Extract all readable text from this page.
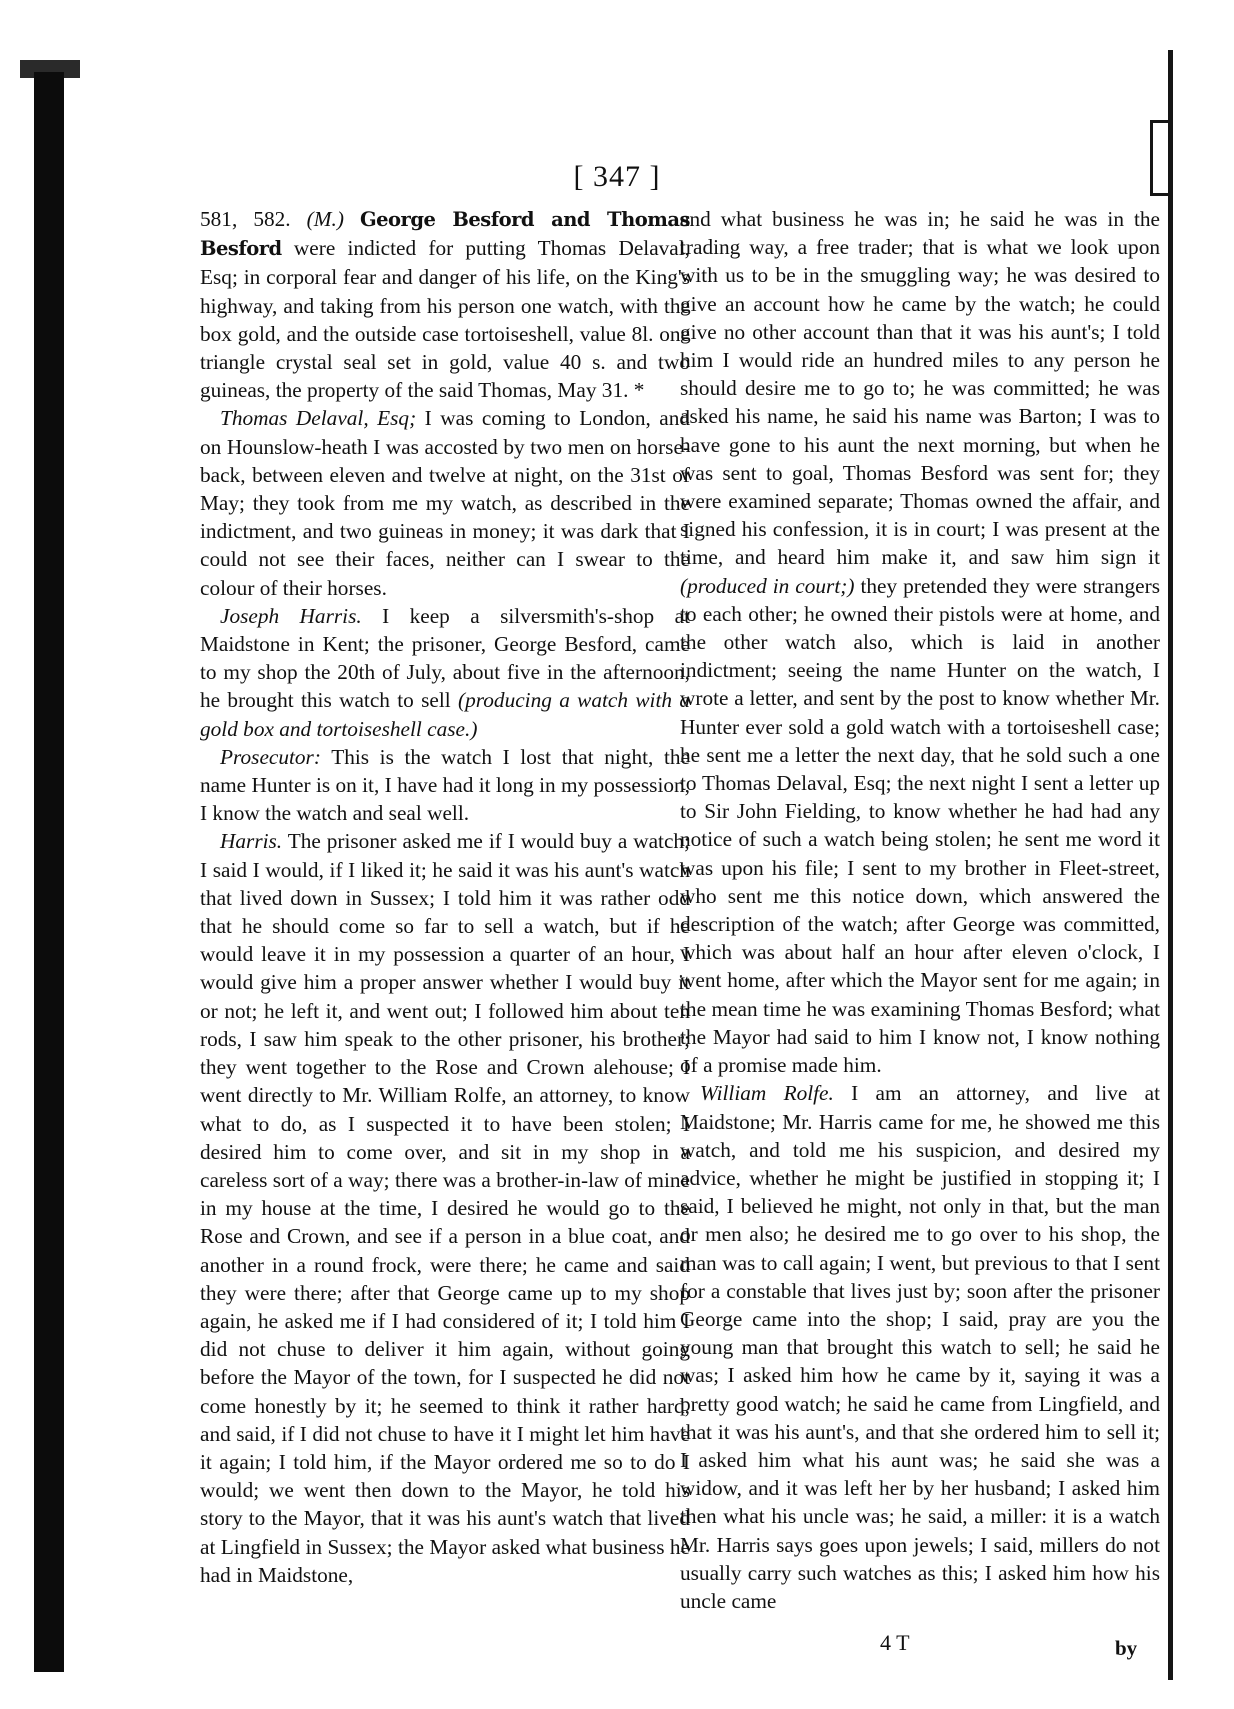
[ 347 ]

581, 582. (M.) George Besford and Thomas Besford were indicted for putting Thomas Delaval, Esq; in corporal fear and danger of his life, on the King's highway, and taking from his person one watch, with the box gold, and the outside case tortoiseshell, value 8l. one triangle crystal seal set in gold, value 40 s. and two guineas, the property of the said Thomas, May 31. *

Thomas Delaval, Esq; I was coming to London, and on Hounslow-heath I was accosted by two men on horse-back, between eleven and twelve at night, on the 31st of May; they took from me my watch, as described in the indictment, and two guineas in money; it was dark that I could not see their faces, neither can I swear to the colour of their horses.

Joseph Harris. I keep a silversmith's-shop at Maidstone in Kent; the prisoner, George Besford, came to my shop the 20th of July, about five in the afternoon, he brought this watch to sell (producing a watch with a gold box and tortoiseshell case.)

Prosecutor: This is the watch I lost that night, the name Hunter is on it, I have had it long in my possession, I know the watch and seal well.

Harris. The prisoner asked me if I would buy a watch; I said I would, if I liked it; he said it was his aunt's watch that lived down in Sussex; I told him it was rather odd that he should come so far to sell a watch, but if he would leave it in my possession a quarter of an hour, I would give him a proper answer whether I would buy it or not; he left it, and went out; I followed him about ten rods, I saw him speak to the other prisoner, his brother; they went together to the Rose and Crown alehouse; I went directly to Mr. William Rolfe, an attorney, to know what to do, as I suspected it to have been stolen; I desired him to come over, and sit in my shop in a careless sort of a way; there was a brother-in-law of mine in my house at the time, I desired he would go to the Rose and Crown, and see if a person in a blue coat, and another in a round frock, were there; he came and said they were there; after that George came up to my shop again, he asked me if I had considered of it; I told him I did not chuse to deliver it him again, without going before the Mayor of the town, for I suspected he did not come honestly by it; he seemed to think it rather hard, and said, if I did not chuse to have it I might let him have it again; I told him, if the Mayor ordered me so to do I would; we went then down to the Mayor, he told his story to the Mayor, that it was his aunt's watch that lived at Lingfield in Sussex; the Mayor asked what business he had in Maidstone,

and what business he was in; he said he was in the trading way, a free trader; that is what we look upon with us to be in the smuggling way; he was desired to give an account how he came by the watch; he could give no other account than that it was his aunt's; I told him I would ride an hundred miles to any person he should desire me to go to; he was committed; he was asked his name, he said his name was Barton; I was to have gone to his aunt the next morning, but when he was sent to goal, Thomas Besford was sent for; they were examined separate; Thomas owned the affair, and signed his confession, it is in court; I was present at the time, and heard him make it, and saw him sign it (produced in court;) they pretended they were strangers to each other; he owned their pistols were at home, and the other watch also, which is laid in another indictment; seeing the name Hunter on the watch, I wrote a letter, and sent by the post to know whether Mr. Hunter ever sold a gold watch with a tortoiseshell case; he sent me a letter the next day, that he sold such a one to Thomas Delaval, Esq; the next night I sent a letter up to Sir John Fielding, to know whether he had had any notice of such a watch being stolen; he sent me word it was upon his file; I sent to my brother in Fleet-street, who sent me this notice down, which answered the description of the watch; after George was committed, which was about half an hour after eleven o'clock, I went home, after which the Mayor sent for me again; in the mean time he was examining Thomas Besford; what the Mayor had said to him I know not, I know nothing of a promise made him.

William Rolfe. I am an attorney, and live at Maidstone; Mr. Harris came for me, he showed me this watch, and told me his suspicion, and desired my advice, whether he might be justified in stopping it; I said, I believed he might, not only in that, but the man or men also; he desired me to go over to his shop, the man was to call again; I went, but previous to that I sent for a constable that lives just by; soon after the prisoner George came into the shop; I said, pray are you the young man that brought this watch to sell; he said he was; I asked him how he came by it, saying it was a pretty good watch; he said he came from Lingfield, and that it was his aunt's, and that she ordered him to sell it; I asked him what his aunt was; he said she was a widow, and it was left her by her husband; I asked him then what his uncle was; he said, a miller: it is a watch Mr. Harris says goes upon jewels; I said, millers do not usually carry such watches as this; I asked him how his uncle came

4 T	by
